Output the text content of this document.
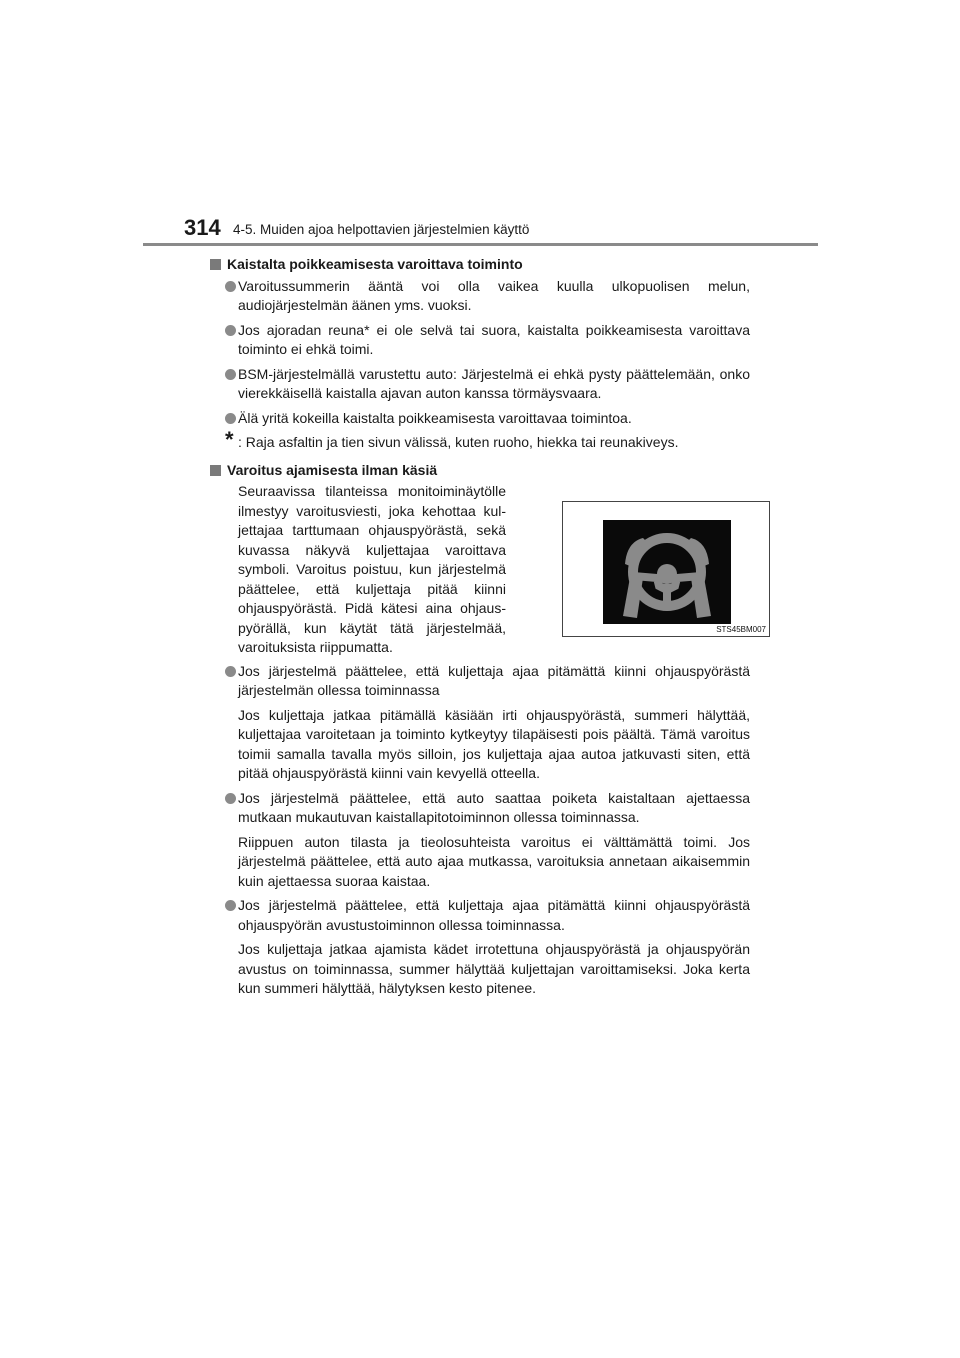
314 4-5. Muiden ajoa helpottavien järjestelmien käyttö
Kaistalta poikkeamisesta varoittava toiminto
Varoitussummerin ääntä voi olla vaikea kuulla ulkopuolisen melun, audiojärjestelmän äänen yms. vuoksi.
Jos ajoradan reuna* ei ole selvä tai suora, kaistalta poikkeamisesta varoittava toiminto ei ehkä toimi.
BSM-järjestelmällä varustettu auto: Järjestelmä ei ehkä pysty päättelemään, onko vierekkäisellä kaistalla ajavan auton kanssa törmäysvaara.
Älä yritä kokeilla kaistalta poikkeamisesta varoittavaa toimintoa.
* : Raja asfaltin ja tien sivun välissä, kuten ruoho, hiekka tai reunakiveys.
Varoitus ajamisesta ilman käsiä
Seuraavissa tilanteissa monitoiminäytölle ilmestyy varoitusviesti, joka kehottaa kul-jettajaa tarttumaan ohjauspyörästä, sekä kuvassa näkyvä kuljettajaa varoittava symboli. Varoitus poistuu, kun järjestelmä päättelee, että kuljettaja pitää kiinni ohjauspyörästä. Pidä kätesi aina ohjaus-pyörällä, kun käytät tätä järjestelmää, varoituksista riippumatta.
STS45BM007
Jos järjestelmä päättelee, että kuljettaja ajaa pitämättä kiinni ohjauspyörästä järjestelmän ollessa toiminnassa
Jos kuljettaja jatkaa pitämällä käsiään irti ohjauspyörästä, summeri hälyttää, kuljettajaa varoitetaan ja toiminto kytkeytyy tilapäisesti pois päältä. Tämä varoitus toimii samalla tavalla myös silloin, jos kuljettaja ajaa autoa jatkuvasti siten, että pitää ohjauspyörästä kiinni vain kevyellä otteella.
Jos järjestelmä päättelee, että auto saattaa poiketa kaistaltaan ajettaessa mutkaan mukautuvan kaistallapitotoiminnon ollessa toiminnassa.
Riippuen auton tilasta ja tieolosuhteista varoitus ei välttämättä toimi. Jos järjestelmä päättelee, että auto ajaa mutkassa, varoituksia annetaan aikaisemmin kuin ajettaessa suoraa kaistaa.
Jos järjestelmä päättelee, että kuljettaja ajaa pitämättä kiinni ohjauspyörästä ohjauspyörän avustustoiminnon ollessa toiminnassa.
Jos kuljettaja jatkaa ajamista kädet irrotettuna ohjauspyörästä ja ohjauspyörän avustus on toiminnassa, summer hälyttää kuljettajan varoittamiseksi. Joka kerta kun summeri hälyttää, hälytyksen kesto pitenee.
